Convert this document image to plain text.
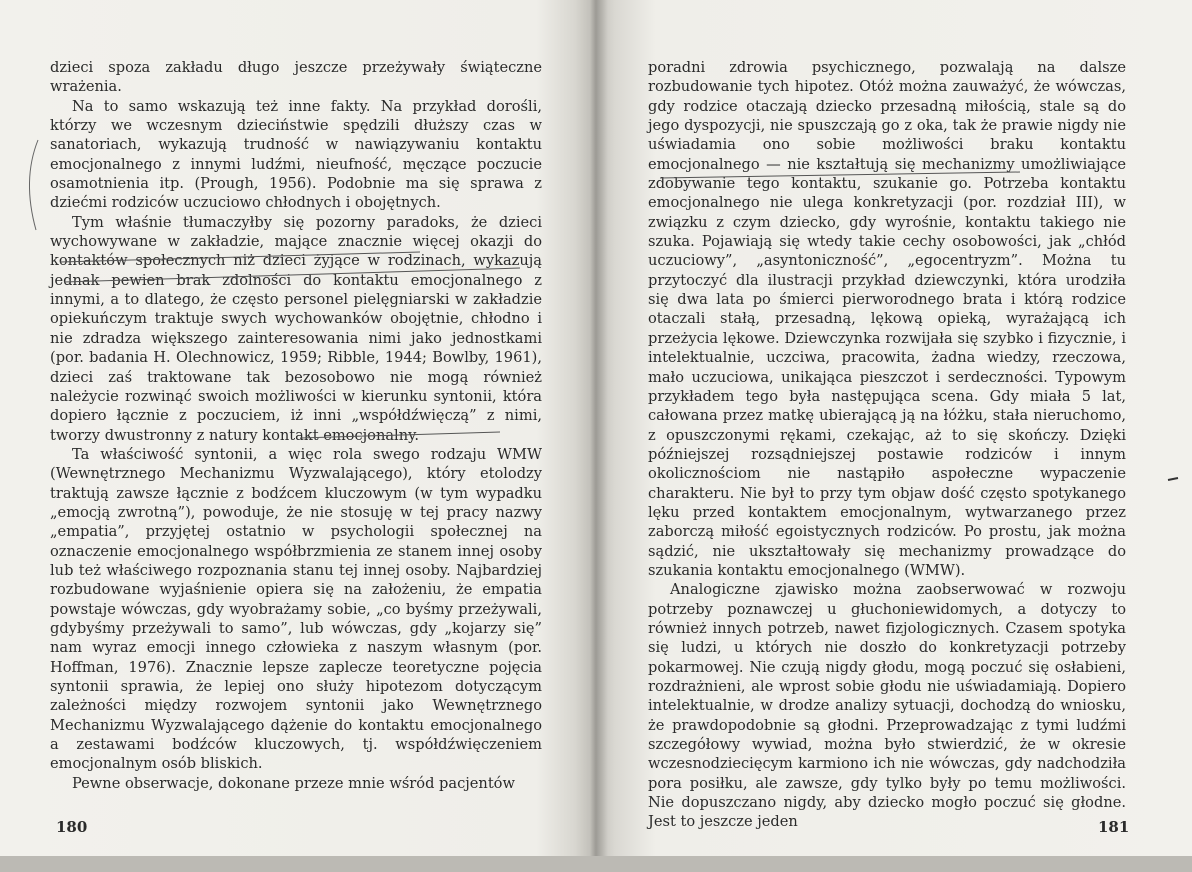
dzieci spoza zakładu długo jeszcze przeżywały świąteczne wrażenia.

Na to samo wskazują też inne fakty. Na przykład dorośli, którzy we wczesnym dzieciństwie spędzili dłuższy czas w sanatoriach, wykazują trudność w nawiązywaniu kontaktu emocjonalnego z innymi ludźmi, nieufność, męczące poczucie osamotnienia itp. (Prough, 1956). Podobnie ma się sprawa z dziećmi rodziców uczuciowo chłodnych i obojętnych.

Tym właśnie tłumaczyłby się pozorny paradoks, że dzieci wychowywane w zakładzie, mające znacznie więcej okazji do kontaktów społecznych niż dzieci żyjące w rodzinach, wykazują jednak pewien brak zdolności do kontaktu emocjonalnego z innymi, a to dlatego, że często personel pielęgniarski w zakładzie opiekuńczym traktuje swych wychowanków obojętnie, chłodno i nie zdradza większego zainteresowania nimi jako jednostkami (por. badania H. Olechnowicz, 1959; Ribble, 1944; Bowlby, 1961), dzieci zaś traktowane tak bezosobowo nie mogą również należycie rozwinąć swoich możliwości w kierunku syntonii, która dopiero łącznie z poczuciem, iż inni „współdźwięczą” z nimi, tworzy dwustronny z natury kontakt emocjonalny.

Ta właściwość syntonii, a więc rola swego rodzaju WMW (Wewnętrznego Mechanizmu Wyzwalającego), który etolodzy traktują zawsze łącznie z bodźcem kluczowym (w tym wypadku „emocją zwrotną”), powoduje, że nie stosuję w tej pracy nazwy „empatia”, przyjętej ostatnio w psychologii społecznej na oznaczenie emocjonalnego współbrzmienia ze stanem innej osoby lub też właściwego rozpoznania stanu tej innej osoby. Najbardziej rozbudowane wyjaśnienie opiera się na założeniu, że empatia powstaje wówczas, gdy wyobrażamy sobie, „co byśmy przeżywali, gdybyśmy przeżywali to samo”, lub wówczas, gdy „kojarzy się” nam wyraz emocji innego człowieka z naszym własnym (por. Hoffman, 1976). Znacznie lepsze zaplecze teoretyczne pojęcia syntonii sprawia, że lepiej ono służy hipotezom dotyczącym zależności między rozwojem syntonii jako Wewnętrznego Mechanizmu Wyzwalającego dążenie do kontaktu emocjonalnego a zestawami bodźców kluczowych, tj. współdźwięczeniem emocjonalnym osób bliskich.

Pewne obserwacje, dokonane przeze mnie wśród pacjentów

180

poradni zdrowia psychicznego, pozwalają na dalsze rozbudowanie tych hipotez. Otóż można zauważyć, że wówczas, gdy rodzice otaczają dziecko przesadną miłością, stale są do jego dyspozycji, nie spuszczają go z oka, tak że prawie nigdy nie uświadamia ono sobie możliwości braku kontaktu emocjonalnego — nie kształtują się mechanizmy umożliwiające zdobywanie tego kontaktu, szukanie go. Potrzeba kontaktu emocjonalnego nie ulega konkretyzacji (por. rozdział III), w związku z czym dziecko, gdy wyrośnie, kontaktu takiego nie szuka. Pojawiają się wtedy takie cechy osobowości, jak „chłód uczuciowy”, „asyntoniczność”, „egocentryzm”. Można tu przytoczyć dla ilustracji przykład dziewczynki, która urodziła się dwa lata po śmierci pierworodnego brata i którą rodzice otaczali stałą, przesadną, lękową opieką, wyrażającą ich przeżycia lękowe. Dziewczynka rozwijała się szybko i fizycznie, i intelektualnie, uczciwa, pracowita, żadna wiedzy, rzeczowa, mało uczuciowa, unikająca pieszczot i serdeczności. Typowym przykładem tego była następująca scena. Gdy miała 5 lat, całowana przez matkę ubierającą ją na łóżku, stała nieruchomo, z opuszczonymi rękami, czekając, aż to się skończy. Dzięki późniejszej rozsądniejszej postawie rodziców i innym okolicznościom nie nastąpiło aspołeczne wypaczenie charakteru. Nie był to przy tym objaw dość często spotykanego lęku przed kontaktem emocjonalnym, wytwarzanego przez zaborczą miłość egoistycznych rodziców. Po prostu, jak można sądzić, nie ukształtowały się mechanizmy prowadzące do szukania kontaktu emocjonalnego (WMW).

Analogiczne zjawisko można zaobserwować w rozwoju potrzeby poznawczej u głuchoniewidomych, a dotyczy to również innych potrzeb, nawet fizjologicznych. Czasem spotyka się ludzi, u których nie doszło do konkretyzacji potrzeby pokarmowej. Nie czują nigdy głodu, mogą poczuć się osłabieni, rozdrażnieni, ale wprost sobie głodu nie uświadamiają. Dopiero intelektualnie, w drodze analizy sytuacji, dochodzą do wniosku, że prawdopodobnie są głodni. Przeprowadzając z tymi ludźmi szczegółowy wywiad, można było stwierdzić, że w okresie wczesnodziecięcym karmiono ich nie wówczas, gdy nadchodziła pora posiłku, ale zawsze, gdy tylko były po temu możliwości. Nie dopuszczano nigdy, aby dziecko mogło poczuć się głodne. Jest to jeszcze jeden	181
